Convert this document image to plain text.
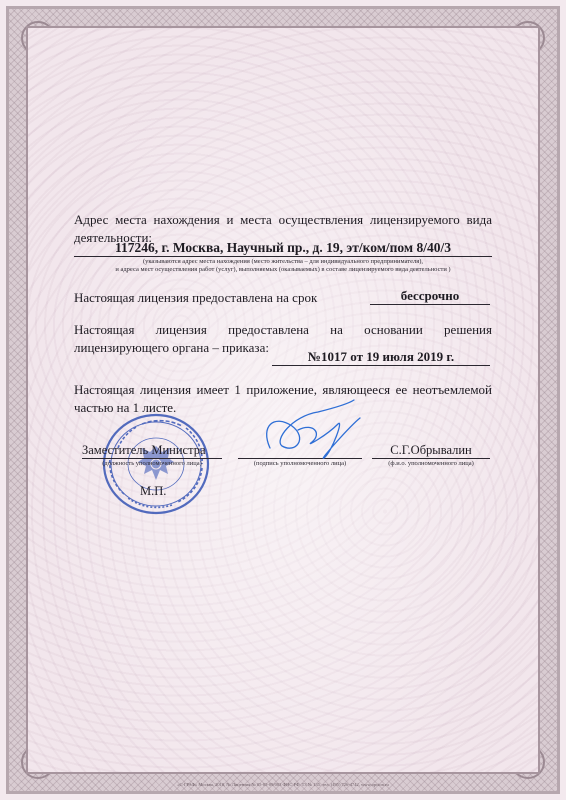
Адрес места нахождения и места осуществления лицензируемого вида деятельности:
117246, г. Москва, Научный пр., д. 19, эт/ком/пом 8/40/3
(указываются адрес места нахождения (место жительства – для индивидуального предпринимателя),
и адреса мест осуществления работ (услуг), выполняемых (оказываемых) в составе лицензируемого вида деятельности )
Настоящая лицензия предоставлена на срок	бессрочно
Настоящая лицензия предоставлена на основании решения лицензирующего органа – приказа:
№1017 от 19 июля 2019 г.
Настоящая лицензия имеет 1 приложение, являющееся ее неотъемлемой частью на 1 листе.
Заместитель Министра
(должность уполномоченного лица)	(подпись уполномоченного лица)
С.Г.Обрывалин
(ф.и.о. уполномоченного лица)
М.П.
«С-ГРАФ» Москва, 2018, № Лицензия № 05-05-09/003 ФНС РФ. ТЗ № 135. тел. (495) 726-4742, www.opcion.ru
